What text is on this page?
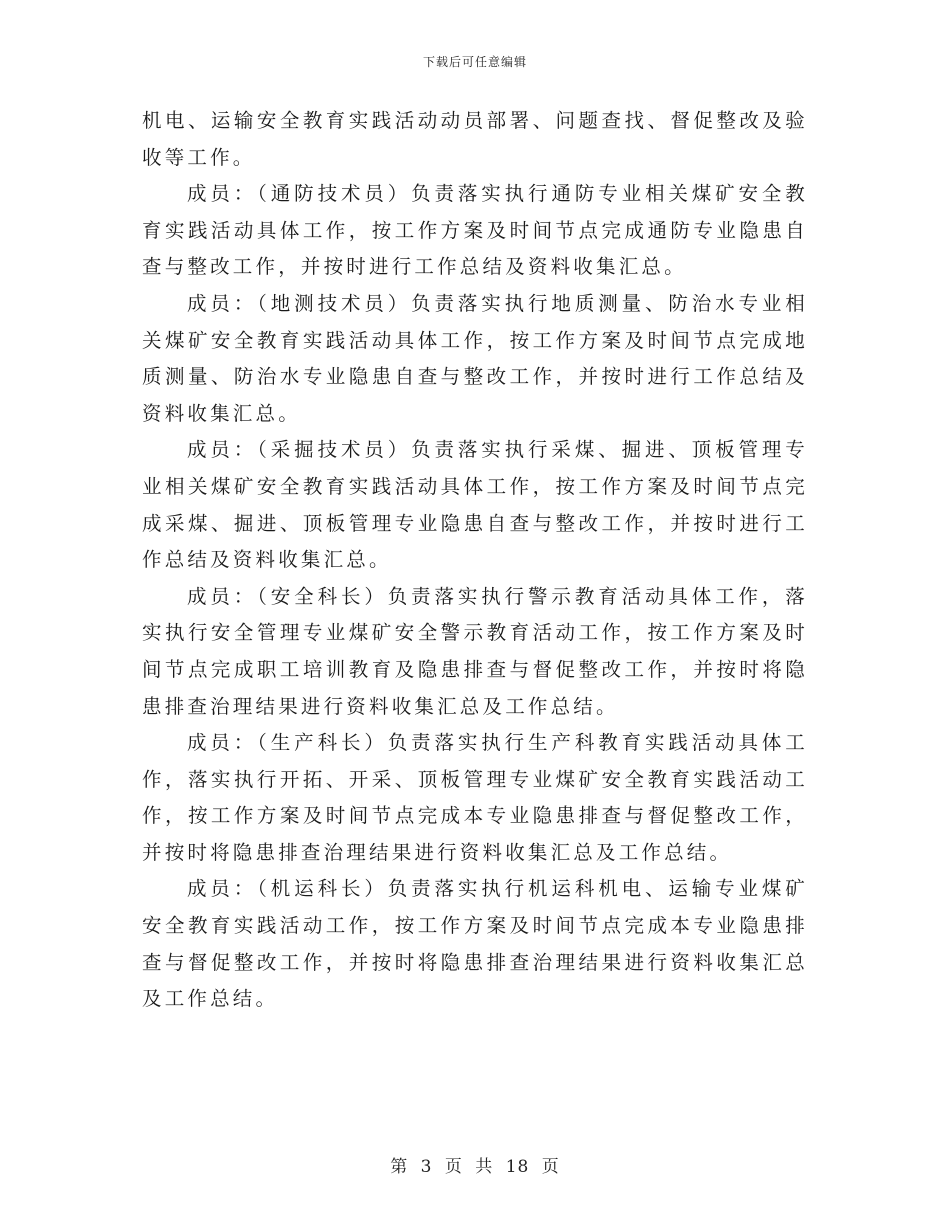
下载后可任意编辑

机电、运输安全教育实践活动动员部署、问题查找、督促整改及验收等工作。

成员：（通防技术员）负责落实执行通防专业相关煤矿安全教育实践活动具体工作，按工作方案及时间节点完成通防专业隐患自查与整改工作，并按时进行工作总结及资料收集汇总。

成员：（地测技术员）负责落实执行地质测量、防治水专业相关煤矿安全教育实践活动具体工作，按工作方案及时间节点完成地质测量、防治水专业隐患自查与整改工作，并按时进行工作总结及资料收集汇总。

成员：（采掘技术员）负责落实执行采煤、掘进、顶板管理专业相关煤矿安全教育实践活动具体工作，按工作方案及时间节点完成采煤、掘进、顶板管理专业隐患自查与整改工作，并按时进行工作总结及资料收集汇总。

成员：（安全科长）负责落实执行警示教育活动具体工作，落实执行安全管理专业煤矿安全警示教育活动工作，按工作方案及时间节点完成职工培训教育及隐患排查与督促整改工作，并按时将隐患排查治理结果进行资料收集汇总及工作总结。

成员：（生产科长）负责落实执行生产科教育实践活动具体工作，落实执行开拓、开采、顶板管理专业煤矿安全教育实践活动工作，按工作方案及时间节点完成本专业隐患排查与督促整改工作，并按时将隐患排查治理结果进行资料收集汇总及工作总结。

成员：（机运科长）负责落实执行机运科机电、运输专业煤矿安全教育实践活动工作，按工作方案及时间节点完成本专业隐患排查与督促整改工作，并按时将隐患排查治理结果进行资料收集汇总及工作总结。

第 3 页 共 18 页
